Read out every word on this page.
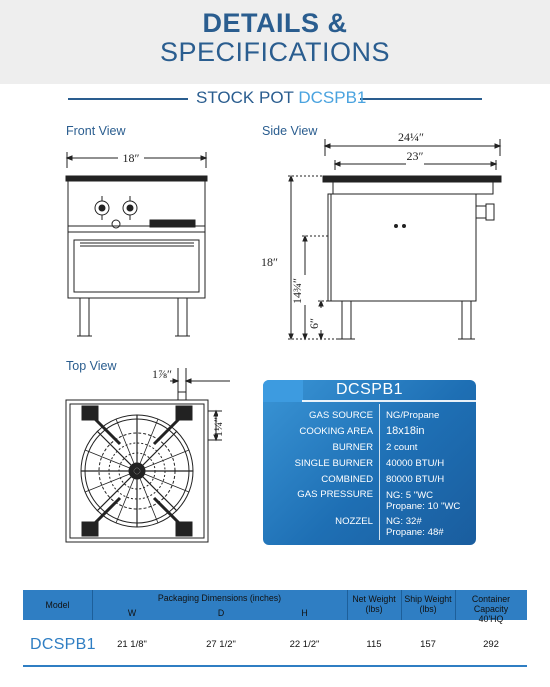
DETAILS &
SPECIFICATIONS
STOCK POT DCSPB1
Front View	Side View
Top View
18″
24¼″
23″
18″
14¾″
6″
1⅞″
1¼″
DCSPB1
GAS SOURCE NG/Propane
COOKING AREA 18x18in
BURNER 2 count
SINGLE BURNER 40000 BTU/H
COMBINED 80000 BTU/H
GAS PRESSURE NG: 5 "WC
Propane: 10 "WC
NOZZEL NG: 32#
Propane: 48#
Model
Packaging Dimensions (inches)
W	D	H
Net Weight
(lbs)
Ship Weight
(lbs)
Container Capacity
40'HQ
DCSPB1	21 1/8"	27 1/2"	22 1/2"	115	157	292
